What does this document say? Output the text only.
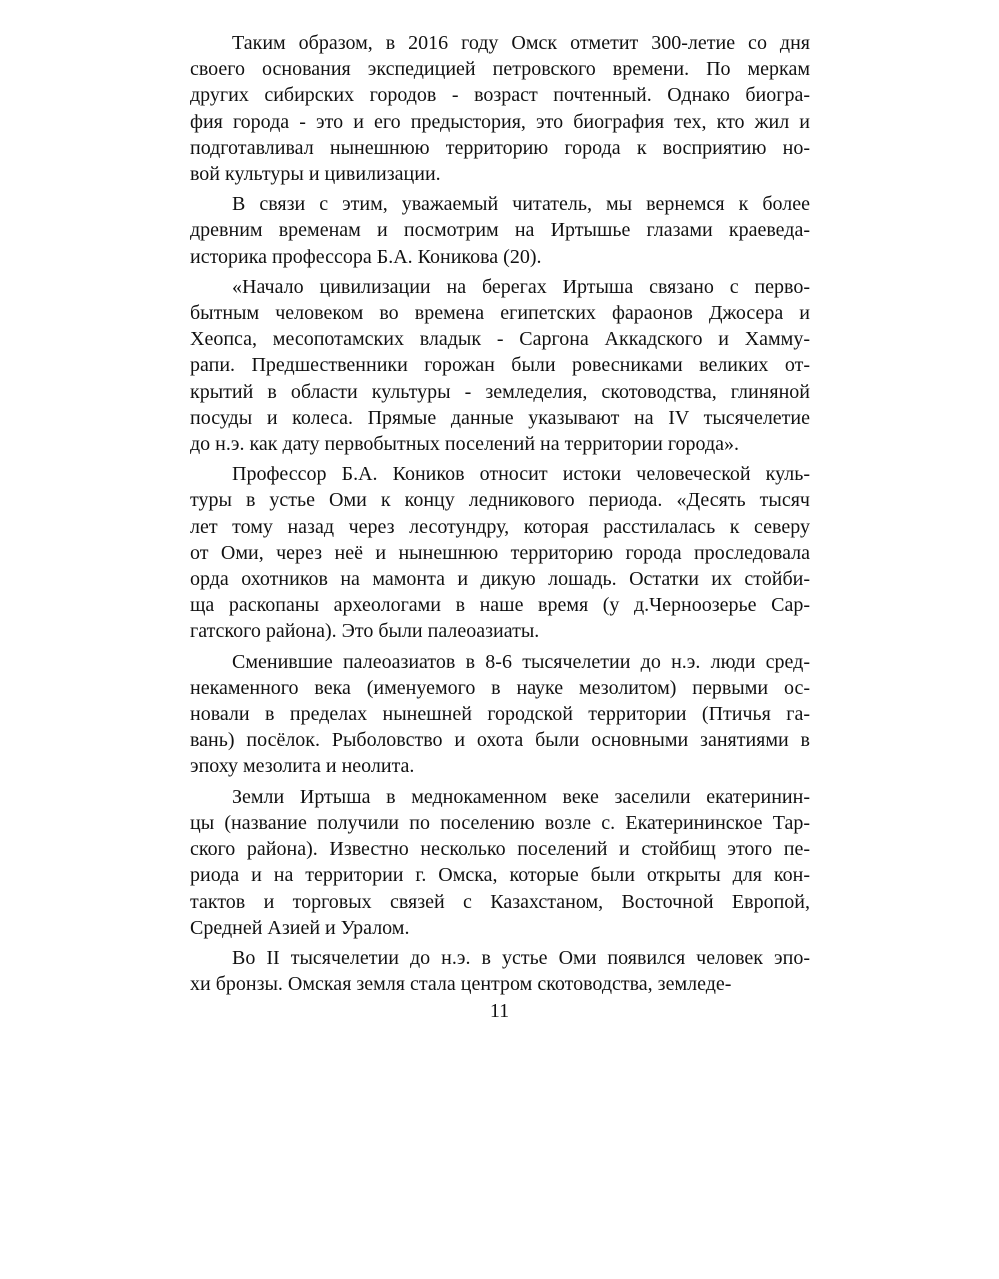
Таким образом, в 2016 году Омск отметит 300-летие со дня
своего основания экспедицией петровского времени. По меркам
других сибирских городов - возраст почтенный. Однако биогра-
фия города - это и его предыстория, это биография тех, кто жил и
подготавливал нынешнюю территорию города к восприятию но-
вой культуры и цивилизации.
В связи с этим, уважаемый читатель, мы вернемся к более
древним временам и посмотрим на Иртышье глазами краеведа-
историка профессора Б.А. Коникова (20).
«Начало цивилизации на берегах Иртыша связано с перво-
бытным человеком во времена египетских фараонов Джосера и
Хеопса, месопотамских владык - Саргона Аккадского и Хамму-
рапи. Предшественники горожан были ровесниками великих от-
крытий в области культуры - земледелия, скотоводства, глиняной
посуды и колеса. Прямые данные указывают на IV тысячелетие
до н.э. как дату первобытных поселений на территории города».
Профессор Б.А. Коников относит истоки человеческой куль-
туры в устье Оми к концу ледникового периода. «Десять тысяч
лет тому назад через лесотундру, которая расстилалась к северу
от Оми, через неё и нынешнюю территорию города проследовала
орда охотников на мамонта и дикую лошадь. Остатки их стойби-
ща раскопаны археологами в наше время (у д.Черноозерье Сар-
гатского района). Это были палеоазиаты.
Сменившие палеоазиатов в 8-6 тысячелетии до н.э. люди сред-
некаменного века (именуемого в науке мезолитом) первыми ос-
новали в пределах нынешней городской территории (Птичья га-
вань) посёлок. Рыболовство и охота были основными занятиями в
эпоху мезолита и неолита.
Земли Иртыша в меднокаменном веке заселили екатеринин-
цы (название получили по поселению возле с. Екатерининское Тар-
ского района). Известно несколько поселений и стойбищ этого пе-
риода и на территории г. Омска, которые были открыты для кон-
тактов и торговых связей с Казахстаном, Восточной Европой,
Средней Азией и Уралом.
Во II тысячелетии до н.э. в устье Оми появился человек эпо-
хи бронзы. Омская земля стала центром скотоводства, земледе-
11
